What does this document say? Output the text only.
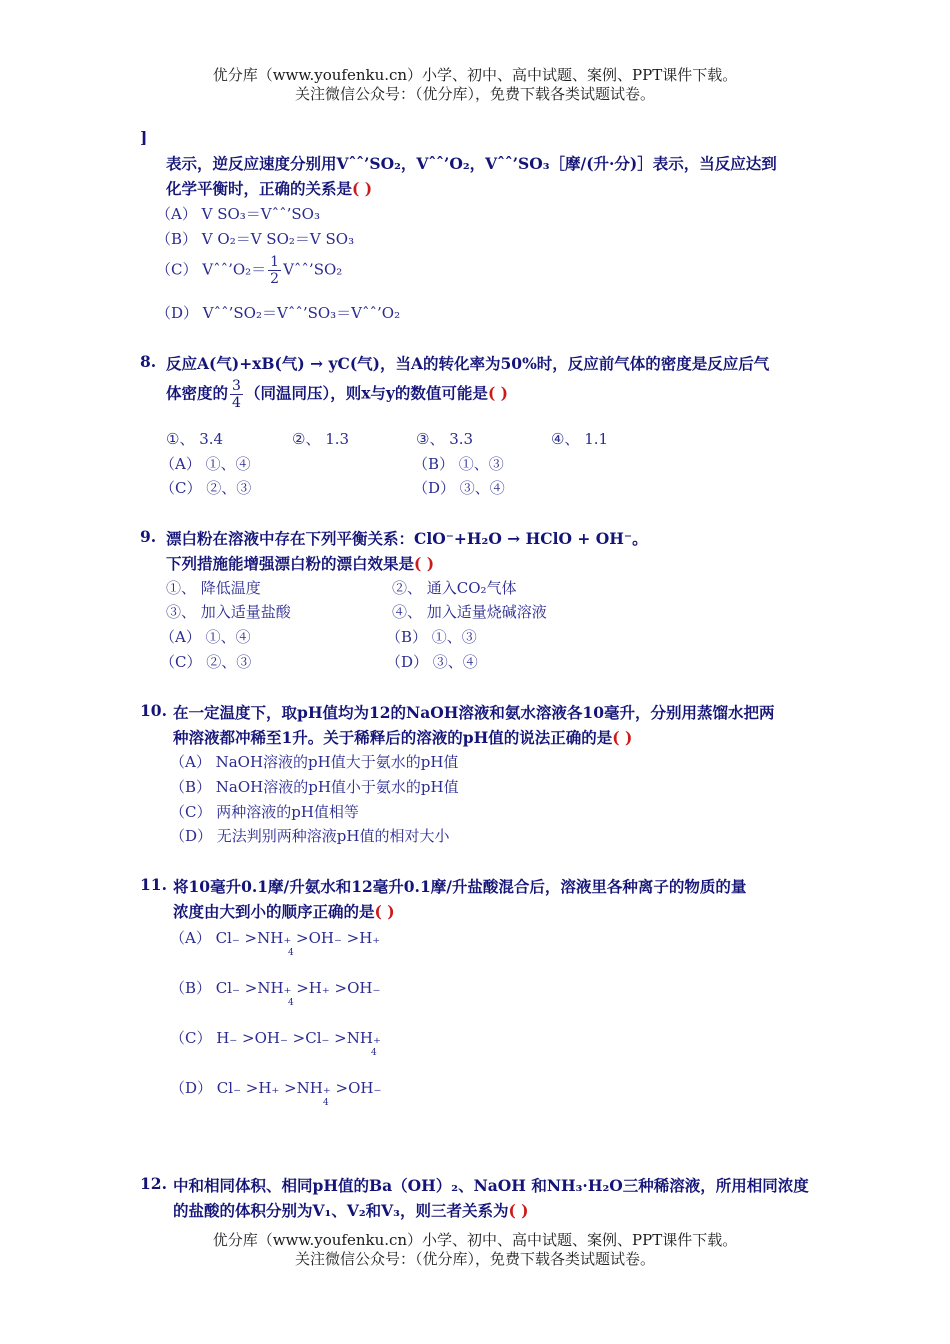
优分库（www.youfenku.cn）小学、初中、高中试题、案例、PPT课件下载。
关注微信公众号：（优分库），免费下载各类试题试卷。
]
表示，逆反应速度分别用Vˆˆ’SO₂，Vˆˆ’O₂，Vˆˆ’SO₃［摩/(升·分)］表示，当反应达到
化学平衡时，正确的关系是( )
（A） V SO₃＝Vˆˆ’SO₃
（B） V O₂＝V SO₂＝V SO₃
（C） Vˆˆ’O₂＝ $\frac{1}{2}$ Vˆˆ’SO₂
（D） Vˆˆ’SO₂＝Vˆˆ’SO₃＝Vˆˆ’O₂
8. 反应A(气)+xB(气) → yC(气)，当A的转化率为50%时，反应前气体的密度是反应后气
体密度的 $\frac{3}{4}$ （同温同压），则x与y的数值可能是( )
①、 3.4	②、 1.3	③、 3.3	④、 1.1
（A） ①、④	（B） ①、③
（C） ②、③	（D） ③、④
9. 漂白粉在溶液中存在下列平衡关系：ClO⁻+H₂O → HClO + OH⁻。
下列措施能增强漂白粉的漂白效果是( )
①、 降低温度	②、 通入CO₂气体
③、 加入适量盐酸	④、 加入适量烧碱溶液
（A） ①、④	（B） ①、③
（C） ②、③	（D） ③、④
10. 在一定温度下，取pH值均为12的NaOH溶液和氨水溶液各10毫升，分别用蒸馏水把两
种溶液都冲稀至1升。关于稀释后的溶液的pH值的说法正确的是( )
（A） NaOH溶液的pH值大于氨水的pH值
（B） NaOH溶液的pH值小于氨水的pH值
（C） 两种溶液的pH值相等
（D） 无法判别两种溶液pH值的相对大小
11. 将10毫升0.1摩/升氨水和12毫升0.1摩/升盐酸混合后，溶液里各种离子的物质的量
浓度由大到小的顺序正确的是( )
（A） Cl₋ >NH₊ >OH₋ >H₊
4
（B） Cl₋ >NH₊ >H₊ >OH₋
4
（C） H₋ >OH₋ >Cl₋ >NH₊
4
（D） Cl₋ >H₊ >NH₊ >OH₋
4
12. 中和相同体积、相同pH值的Ba（OH）₂、NaOH 和NH₃·H₂O三种稀溶液，所用相同浓度
的盐酸的体积分别为V₁、V₂和V₃，则三者关系为( )
优分库（www.youfenku.cn）小学、初中、高中试题、案例、PPT课件下载。
关注微信公众号：（优分库），免费下载各类试题试卷。
